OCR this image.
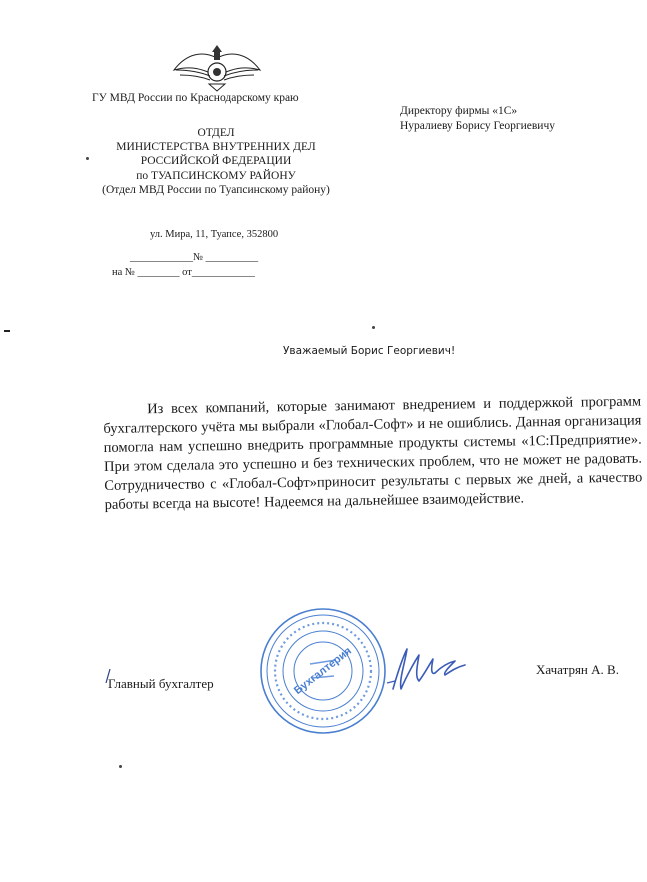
ГУ МВД России по Краснодарскому краю
ОТДЕЛ
МИНИСТЕРСТВА ВНУТРЕННИХ ДЕЛ
РОССИЙСКОЙ ФЕДЕРАЦИИ
по ТУАПСИНСКОМУ РАЙОНУ
(Отдел МВД России по Туапсинскому району)
ул. Мира, 11, Туапсе, 352800
____________№ __________
на № ________ от____________
Директору фирмы «1С»
Нуралиеву Борису Георгиевичу
Уважаемый Борис Георгиевич!
Из всех компаний, которые занимают внедрением и поддержкой программ бухгалтерского учёта мы выбрали «Глобал-Софт» и не ошиблись. Данная организация помогла нам успешно внедрить программные продукты системы «1С:Предприятие». При этом сделала это успешно и без технических проблем, что не может не радовать. Сотрудничество с «Глобал-Софт»приносит результаты с первых же дней, а качество работы всегда на высоте! Надеемся на дальнейшее взаимодействие.
Бухгалтерия
Главный бухгалтер
Хачатрян А. В.
